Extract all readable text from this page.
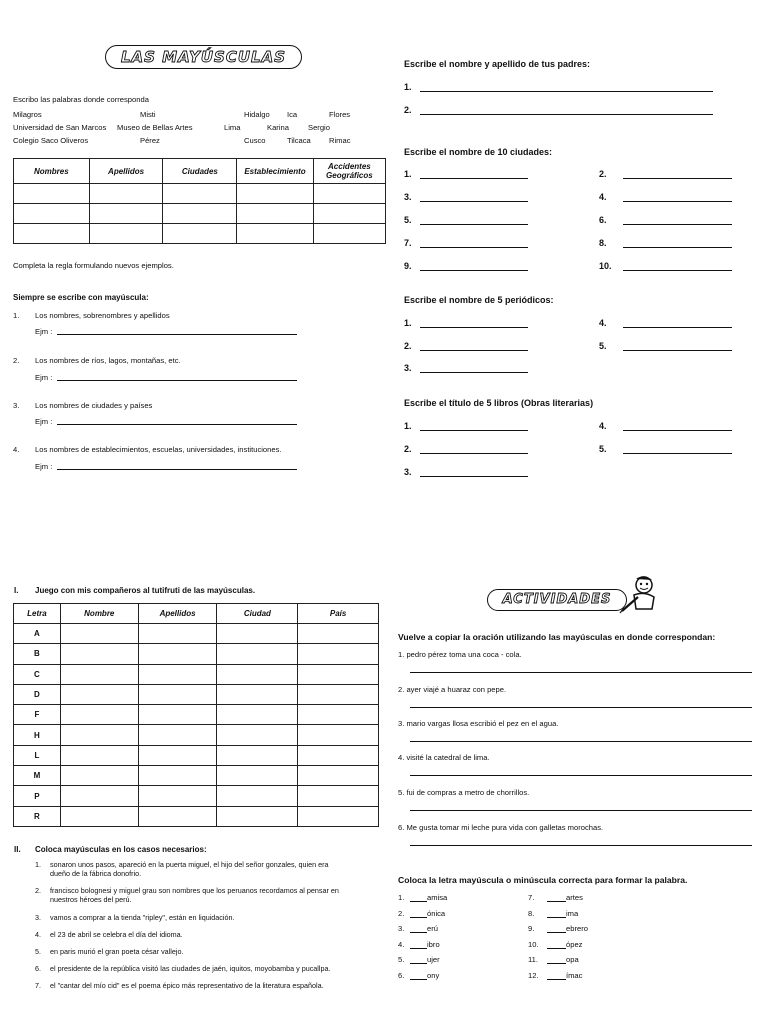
LAS MAYÚSCULAS
Escribo las palabras donde corresponda
Milagros	Misti	Hidalgo Ica	Flores
Universidad de San Marcos Museo de Bellas Artes	Lima	Karina	Sergio
Colegio Saco Oliveros	Pérez	Cusco	Tilcaca Rimac
Nombres	Apellidos	Ciudades	Establecimiento	Accidentes Geográficos

Completa la regla formulando nuevos ejemplos.
Siempre se escribe con mayúscula:
1. Los nombres, sobrenombres y apellidos
Ejm :
2. Los nombres de ríos, lagos, montañas, etc.
Ejm :
3. Los nombres de ciudades y países
Ejm :
4. Los nombres de establecimientos, escuelas, universidades, instituciones.
Ejm :
Escribe el nombre y apellido de tus padres:
1.
2.
Escribe el nombre de 10 ciudades:
1.
3.
5.
7.
9.
2.
4.
6.
8.
10.
Escribe el nombre de 5 periódicos:
1.
2.
3.
4.
5.
Escribe el título de 5 libros (Obras literarias)
1.
2.
3.
4.
5.
I. Juego con mis compañeros al tutifruti de las mayúsculas.
Letra	Nombre	Apellidos	Ciudad	País
A				
B				
C				
D				
F				
H				
L				
M				
P				
R				
II. Coloca mayúsculas en los casos necesarios:
1. sonaron unos pasos, apareció en la puerta miguel, el hijo del señor gonzales, quien era
dueño de la fábrica donofrio.
2. francisco bolognesi y miguel grau son nombres que los peruanos recordamos al pensar en
nuestros héroes del perú.
3. vamos a comprar a la tienda "ripley", están en liquidación.
4. el 23 de abril se celebra el día del idioma.
5. en paris murió el gran poeta césar vallejo.
6. el presidente de la república visitó las ciudades de jaén, iquitos, moyobamba y pucallpa.
7. el "cantar del mío cid" es el poema épico más representativo de la literatura española.
ACTIVIDADES
Vuelve a copiar la oración utilizando las mayúsculas en donde correspondan:
1. pedro pérez toma una coca - cola.
2. ayer viajé a huaraz con pepe.
3. mario vargas llosa escribió el pez en el agua.
4. visité la catedral de lima.
5. fui de compras a metro de chorrillos.
6. Me gusta tomar mi leche pura vida con galletas morochas.
Coloca la letra mayúscula o minúscula correcta para formar la palabra.
1.	amisa
2.	ónica
3.	erú
4.	ibro
5.	ujer
6.	ony
7.	artes
8.	ima
9.	ebrero
10.	ópez
11.	opa
12.	ímac
